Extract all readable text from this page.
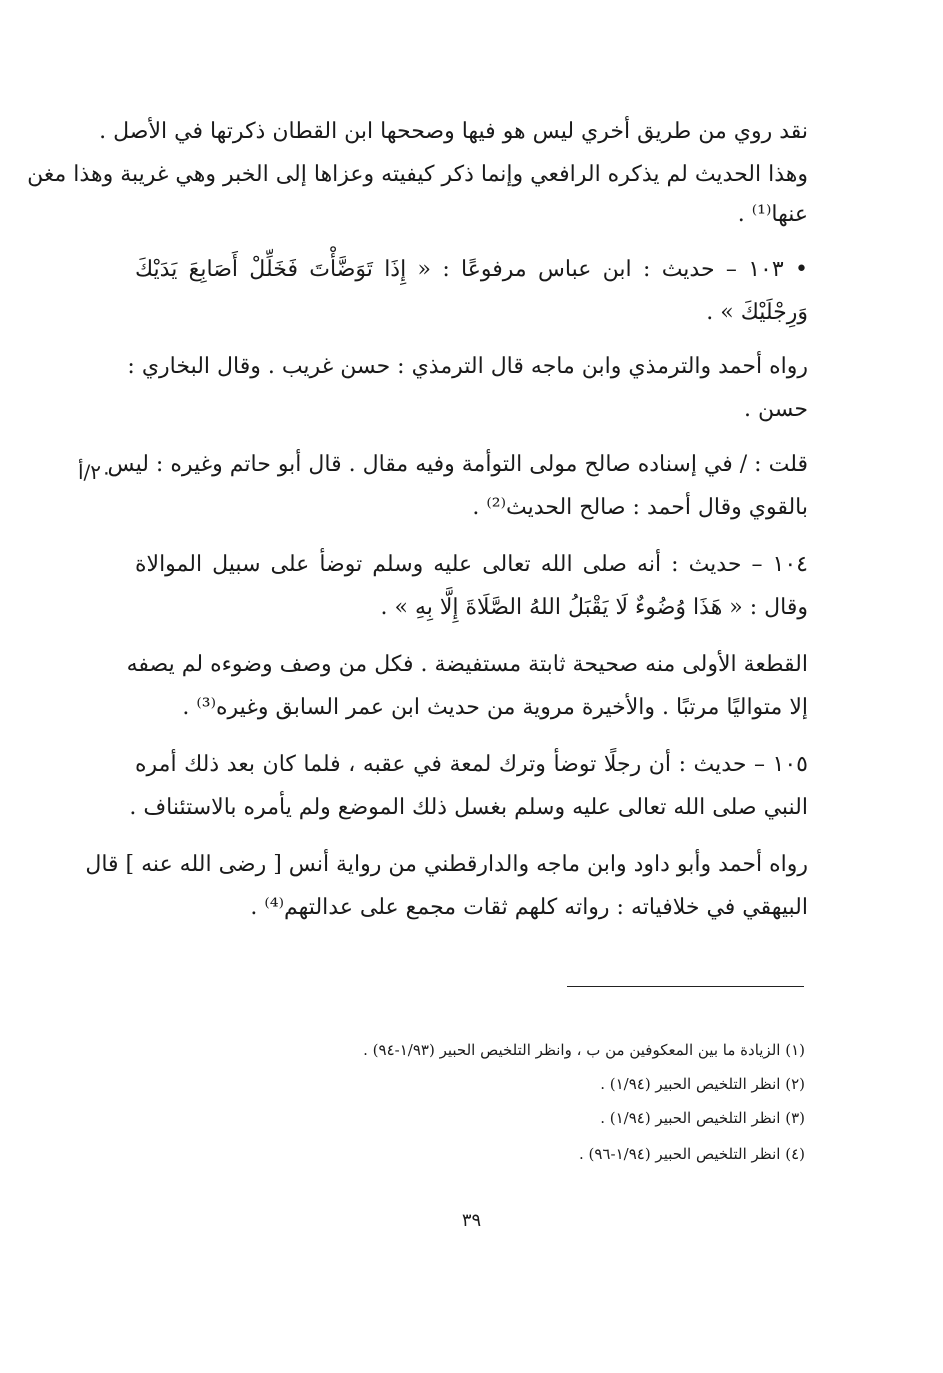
نقد روي من طريق أخري ليس هو فيها وصححها ابن القطان ذكرتها في الأصل .
وهذا الحديث لم يذكره الرافعي وإنما ذكر كيفيته وعزاها إلى الخبر وهي غريبة وهذا مغن
عنها⁽¹⁾ .
• ١٠٣ – حديث : ابن عباس مرفوعًا : « إِذَا تَوَضَّأْتَ فَخَلِّلْ أَصَابِعَ يَدَيْكَ
وَرِجْلَيْكَ » .
رواه أحمد والترمذي وابن ماجه قال الترمذي : حسن غريب . وقال البخاري :
حسن .
قلت : / في إسناده صالح مولى التوأمة وفيه مقال . قال أبو حاتم وغيره : ليس
بالقوي وقال أحمد : صالح الحديث⁽²⁾ .
١٠٤ – حديث : أنه صلى الله تعالى عليه وسلم توضأ على سبيل الموالاة
وقال : « هَذَا وُضُوءٌ لَا يَقْبَلُ اللهُ الصَّلَاةَ إِلَّا بِهِ » .
القطعة الأولى منه صحيحة ثابتة مستفيضة . فكل من وصف وضوءه لم يصفه
إلا متواليًا مرتبًا . والأخيرة مروية من حديث ابن عمر السابق وغيره⁽³⁾ .
١٠٥ – حديث : أن رجلًا توضأ وترك لمعة في عقبه ، فلما كان بعد ذلك أمره
النبي صلى الله تعالى عليه وسلم بغسل ذلك الموضع ولم يأمره بالاستئناف .
رواه أحمد وأبو داود وابن ماجه والدارقطني من رواية أنس [ رضى الله عنه ] قال
البيهقي في خلافياته : رواته كلهم ثقات مجمع على عدالتهم⁽⁴⁾ .
٢٠/أ
(١) الزيادة ما بين المعكوفين من ب ، وانظر التلخيص الحبير (١/٩٣-٩٤) .
(٢) انظر التلخيص الحبير (١/٩٤) .
(٣) انظر التلخيص الحبير (١/٩٤) .
(٤) انظر التلخيص الحبير (١/٩٤-٩٦) .
٣٩
